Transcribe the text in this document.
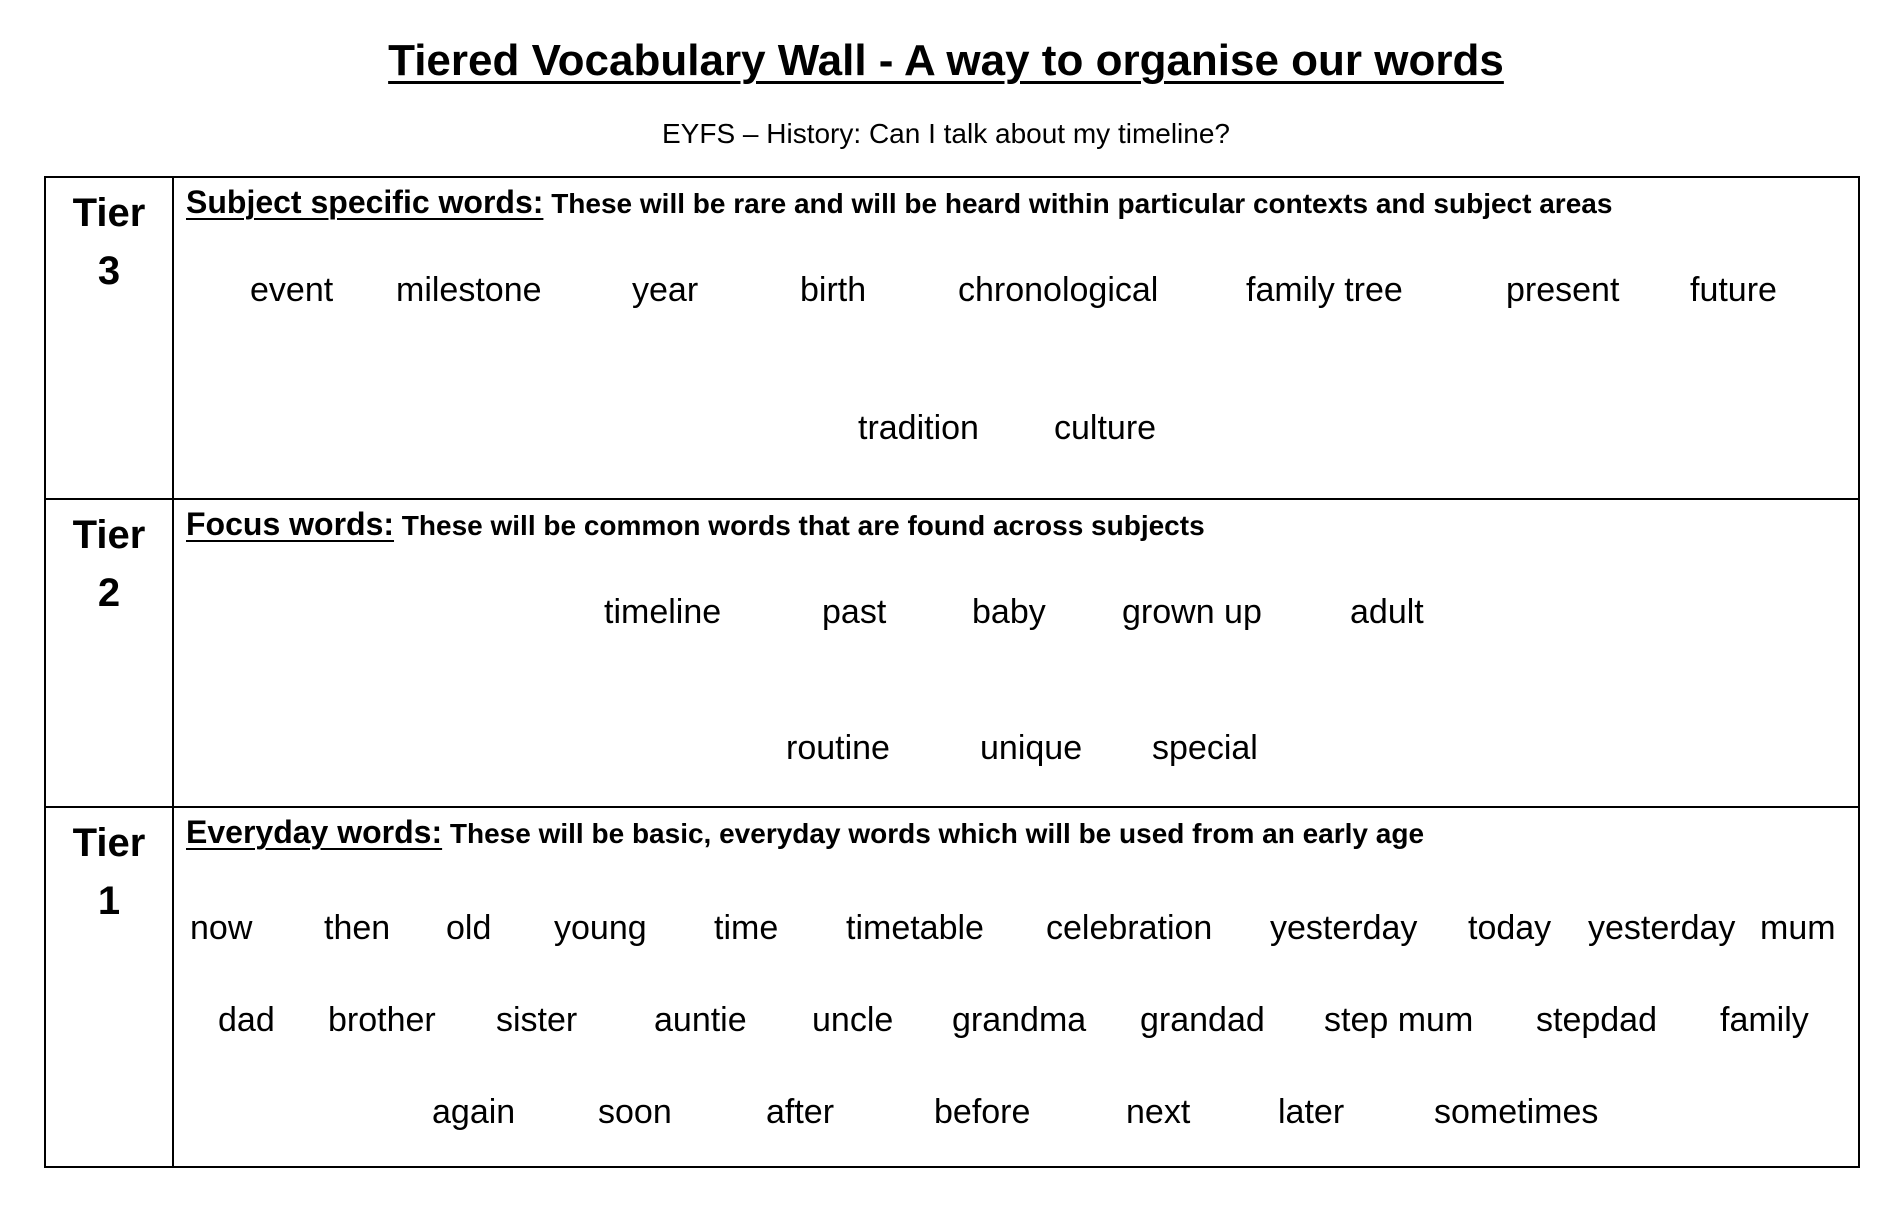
Tiered Vocabulary Wall - A way to organise our words
EYFS – History: Can I talk about my timeline?
Tier
3
Subject specific words: These will be rare and will be heard within particular contexts and subject areas
event milestone	year	birth	chronological	family tree	present future
tradition culture
Tier
2
Focus words: These will be common words that are found across subjects
timeline	past	baby grown up	adult
routine	unique special
Tier
1
Everyday words: These will be basic, everyday words which will be used from an early age
now then old young time timetable celebration yesterday today yesterday mum
dad brother sister auntie uncle grandma grandad step mum stepdad family
again soon	after	before	next	later	sometimes
